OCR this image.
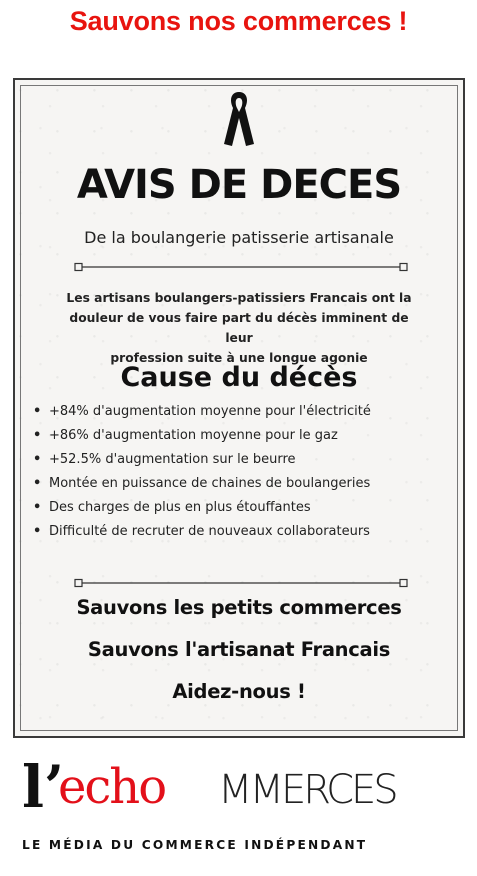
Sauvons nos commerces !
AVIS DE DECES
De la boulangerie patisserie artisanale
Les artisans boulangers-patissiers Francais ont la
douleur de vous faire part du décès imminent de leur
profession suite à une longue agonie
Cause du décès
• +84% d'augmentation moyenne pour l'électricité
• +86% d'augmentation moyenne pour le gaz
• +52.5% d'augmentation sur le beurre
• Montée en puissance de chaines de boulangeries
• Des charges de plus en plus étouffantes
• Difficulté de recruter de nouveaux collaborateurs
Sauvons les petits commerces
Sauvons l'artisanat Francais
Aidez-nous !
l’
echo MMERCES
LE MÉDIA DU COMMERCE INDÉPENDANT
